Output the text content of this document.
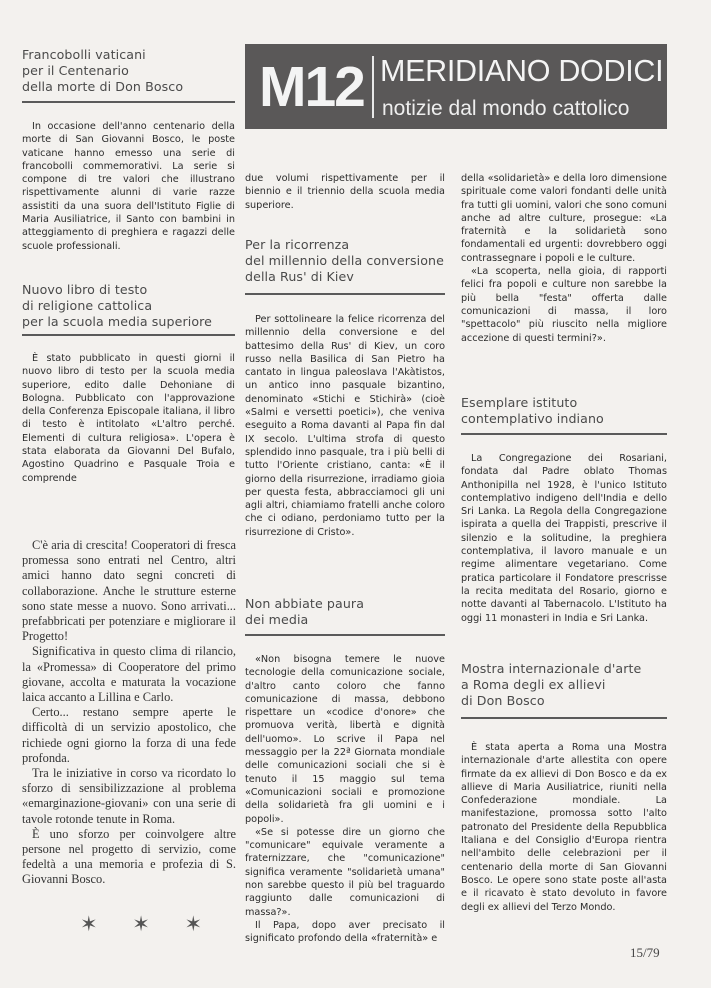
M12 MERIDIANO DODICI
notizie dal mondo cattolico
Francobolli vaticani
per il Centenario
della morte di Don Bosco
In occasione dell'anno centenario della morte di San Giovanni Bosco, le poste vaticane hanno emesso una serie di francobolli commemorativi. La serie si compone di tre valori che illustrano rispettivamente alunni di varie razze assistiti da una suora dell'Istituto Figlie di Maria Ausiliatrice, il Santo con bambini in atteggiamento di preghiera e ragazzi delle scuole professionali.
Nuovo libro di testo
di religione cattolica
per la scuola media superiore
È stato pubblicato in questi giorni il nuovo libro di testo per la scuola media superiore, edito dalle Dehoniane di Bologna. Pubblicato con l'approvazione della Conferenza Episcopale italiana, il libro di testo è intitolato «L'altro perché. Elementi di cultura religiosa». L'opera è stata elaborata da Giovanni Del Bufalo, Agostino Quadrino e Pasquale Troia e comprende
C'è aria di crescita! Cooperatori di fresca promessa sono entrati nel Centro, altri amici hanno dato segni concreti di collaborazione. Anche le strutture esterne sono state messe a nuovo. Sono arrivati... prefabbricati per potenziare e migliorare il Progetto!
Significativa in questo clima di rilancio, la «Promessa» di Cooperatore del primo giovane, accolta e maturata la vocazione laica accanto a Lillina e Carlo.
Certo... restano sempre aperte le difficoltà di un servizio apostolico, che richiede ogni giorno la forza di una fede profonda.
Tra le iniziative in corso va ricordato lo sforzo di sensibilizzazione al problema «emarginazione-giovani» con una serie di tavole rotonde tenute in Roma.
È uno sforzo per coinvolgere altre persone nel progetto di servizio, come fedeltà a una memoria e profezia di S. Giovanni Bosco.
✶ ✶ ✶
due volumi rispettivamente per il biennio e il triennio della scuola media superiore.
Per la ricorrenza
del millennio della conversione
della Rus' di Kiev
Per sottolineare la felice ricorrenza del millennio della conversione e del battesimo della Rus' di Kiev, un coro russo nella Basilica di San Pietro ha cantato in lingua paleoslava l'Akàtistos, un antico inno pasquale bizantino, denominato «Stichi e Stichirà» (cioè «Salmi e versetti poetici»), che veniva eseguito a Roma davanti al Papa fin dal IX secolo. L'ultima strofa di questo splendido inno pasquale, tra i più belli di tutto l'Oriente cristiano, canta: «È il giorno della risurrezione, irradiamo gioia per questa festa, abbracciamoci gli uni agli altri, chiamiamo fratelli anche coloro che ci odiano, perdoniamo tutto per la risurrezione di Cristo».
Non abbiate paura
dei media

«Non bisogna temere le nuove tecnologie della comunicazione sociale, d'altro canto coloro che fanno comunicazione di massa, debbono rispettare un «codice d'onore» che promuova verità, libertà e dignità dell'uomo». Lo scrive il Papa nel messaggio per la 22ª Giornata mondiale delle comunicazioni sociali che si è tenuto il 15 maggio sul tema «Comunicazioni sociali e promozione della solidarietà fra gli uomini e i popoli».

«Se si potesse dire un giorno che "comunicare" equivale veramente a fraternizzare, che "comunicazione" significa veramente "solidarietà umana" non sarebbe questo il più bel traguardo raggiunto dalle comunicazioni di massa?».

Il Papa, dopo aver precisato il significato profondo della «fraternità» e

della «solidarietà» e della loro dimensione spirituale come valori fondanti delle unità fra tutti gli uomini, valori che sono comuni anche ad altre culture, prosegue: «La fraternità e la solidarietà sono fondamentali ed urgenti: dovrebbero oggi contrassegnare i popoli e le culture.

«La scoperta, nella gioia, di rapporti felici fra popoli e culture non sarebbe la più bella "festa" offerta dalle comunicazioni di massa, il loro "spettacolo" più riuscito nella migliore accezione di questi termini?».

Esemplare istituto
contemplativo indiano
La Congregazione dei Rosariani, fondata dal Padre oblato Thomas Anthonipilla nel 1928, è l'unico Istituto contemplativo indigeno dell'India e dello Sri Lanka. La Regola della Congregazione ispirata a quella dei Trappisti, prescrive il silenzio e la solitudine, la preghiera contemplativa, il lavoro manuale e un regime alimentare vegetariano. Come pratica particolare il Fondatore prescrisse la recita meditata del Rosario, giorno e notte davanti al Tabernacolo. L'Istituto ha oggi 11 monasteri in India e Sri Lanka.
Mostra internazionale d'arte
a Roma degli ex allievi
di Don Bosco
È stata aperta a Roma una Mostra internazionale d'arte allestita con opere firmate da ex allievi di Don Bosco e da ex allieve di Maria Ausiliatrice, riuniti nella Confederazione mondiale. La manifestazione, promossa sotto l'alto patronato del Presidente della Repubblica Italiana e del Consiglio d'Europa rientra nell'ambito delle celebrazioni per il centenario della morte di San Giovanni Bosco. Le opere sono state poste all'asta e il ricavato è stato devoluto in favore degli ex allievi del Terzo Mondo.
15/79
